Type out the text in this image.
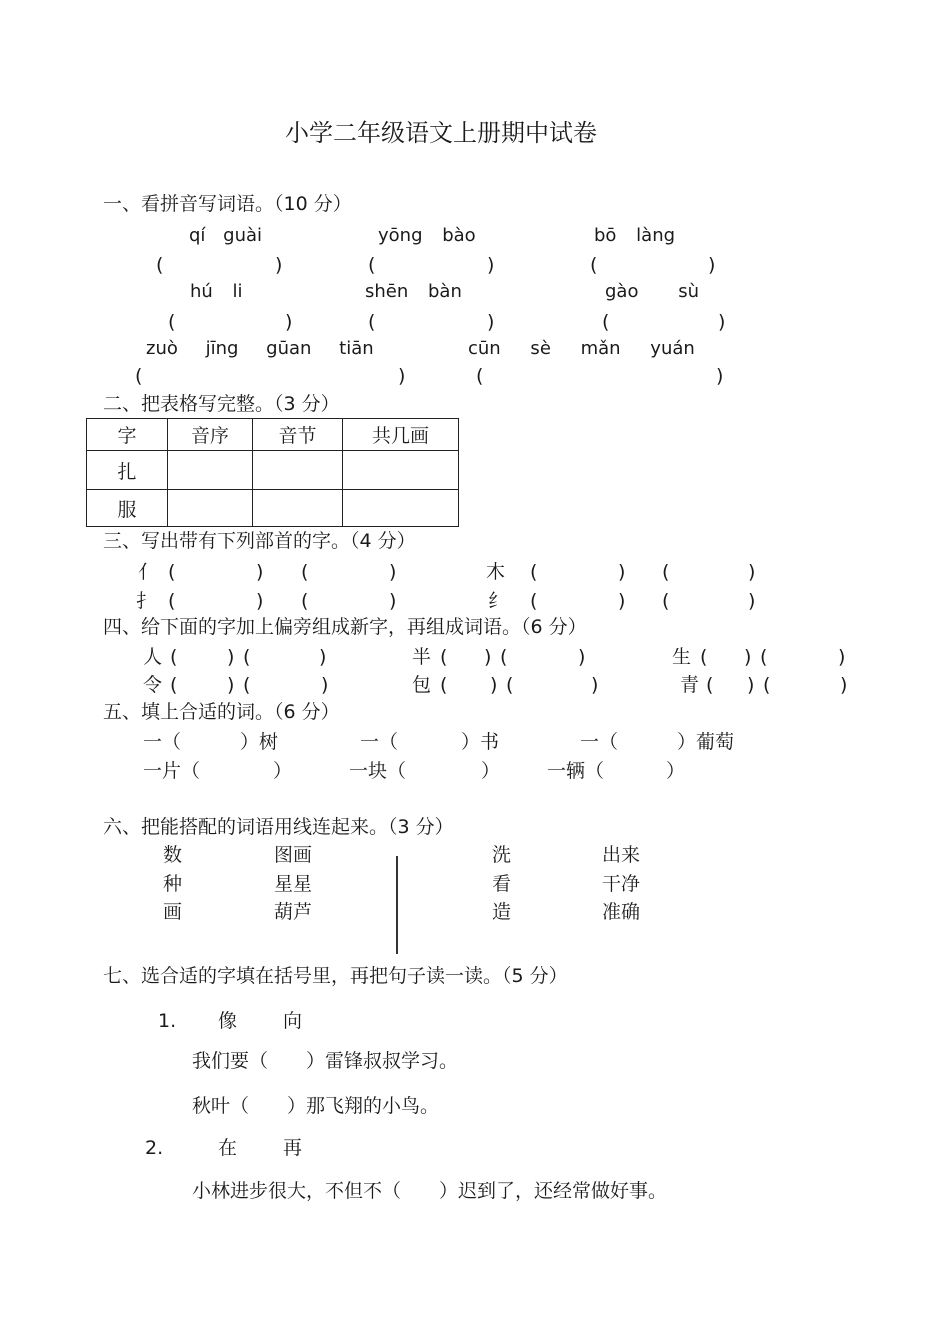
小学二年级语文上册期中试卷
一、看拼音写词语。（10 分）
qí guài	yōng bào	bō làng
(	)	(	)	(	)
hú li	shēn bàn	gào sù
(	)	(	)	(	)
zuò jīng gūan tiān	cūn sè mǎn yuán
(	)	(	)
二、把表格写完整。（3 分）
字	音序	音节	共几画
扎			
服			
三、写出带有下列部首的字。（4 分）
亻 (	) (	)	木 (	) (	)
扌 (	) (	)	纟 (	) (	)
四、给下面的字加上偏旁组成新字，再组成词语。（6 分）
人 (	) (	)	半 ( ) (	)	生 ( ) (	)
令 (	) (	)	包 ( ) (	)	青 ( ) (	)
五、填上合适的词。（6 分）
一（	）树	一（	）书	一（	）葡萄
一片（	）	一块（	） 一辆（	）
六、把能搭配的词语用线连起来。（3 分）
数	图画	洗	出来
种	星星	看	干净
画	葫芦	造	准确
七、选合适的字填在括号里，再把句子读一读。（5 分）
1. 像 向
我们要（　　）雷锋叔叔学习。
秋叶（　　）那飞翔的小鸟。
2.	在 再
小林进步很大，不但不（　　）迟到了，还经常做好事。
